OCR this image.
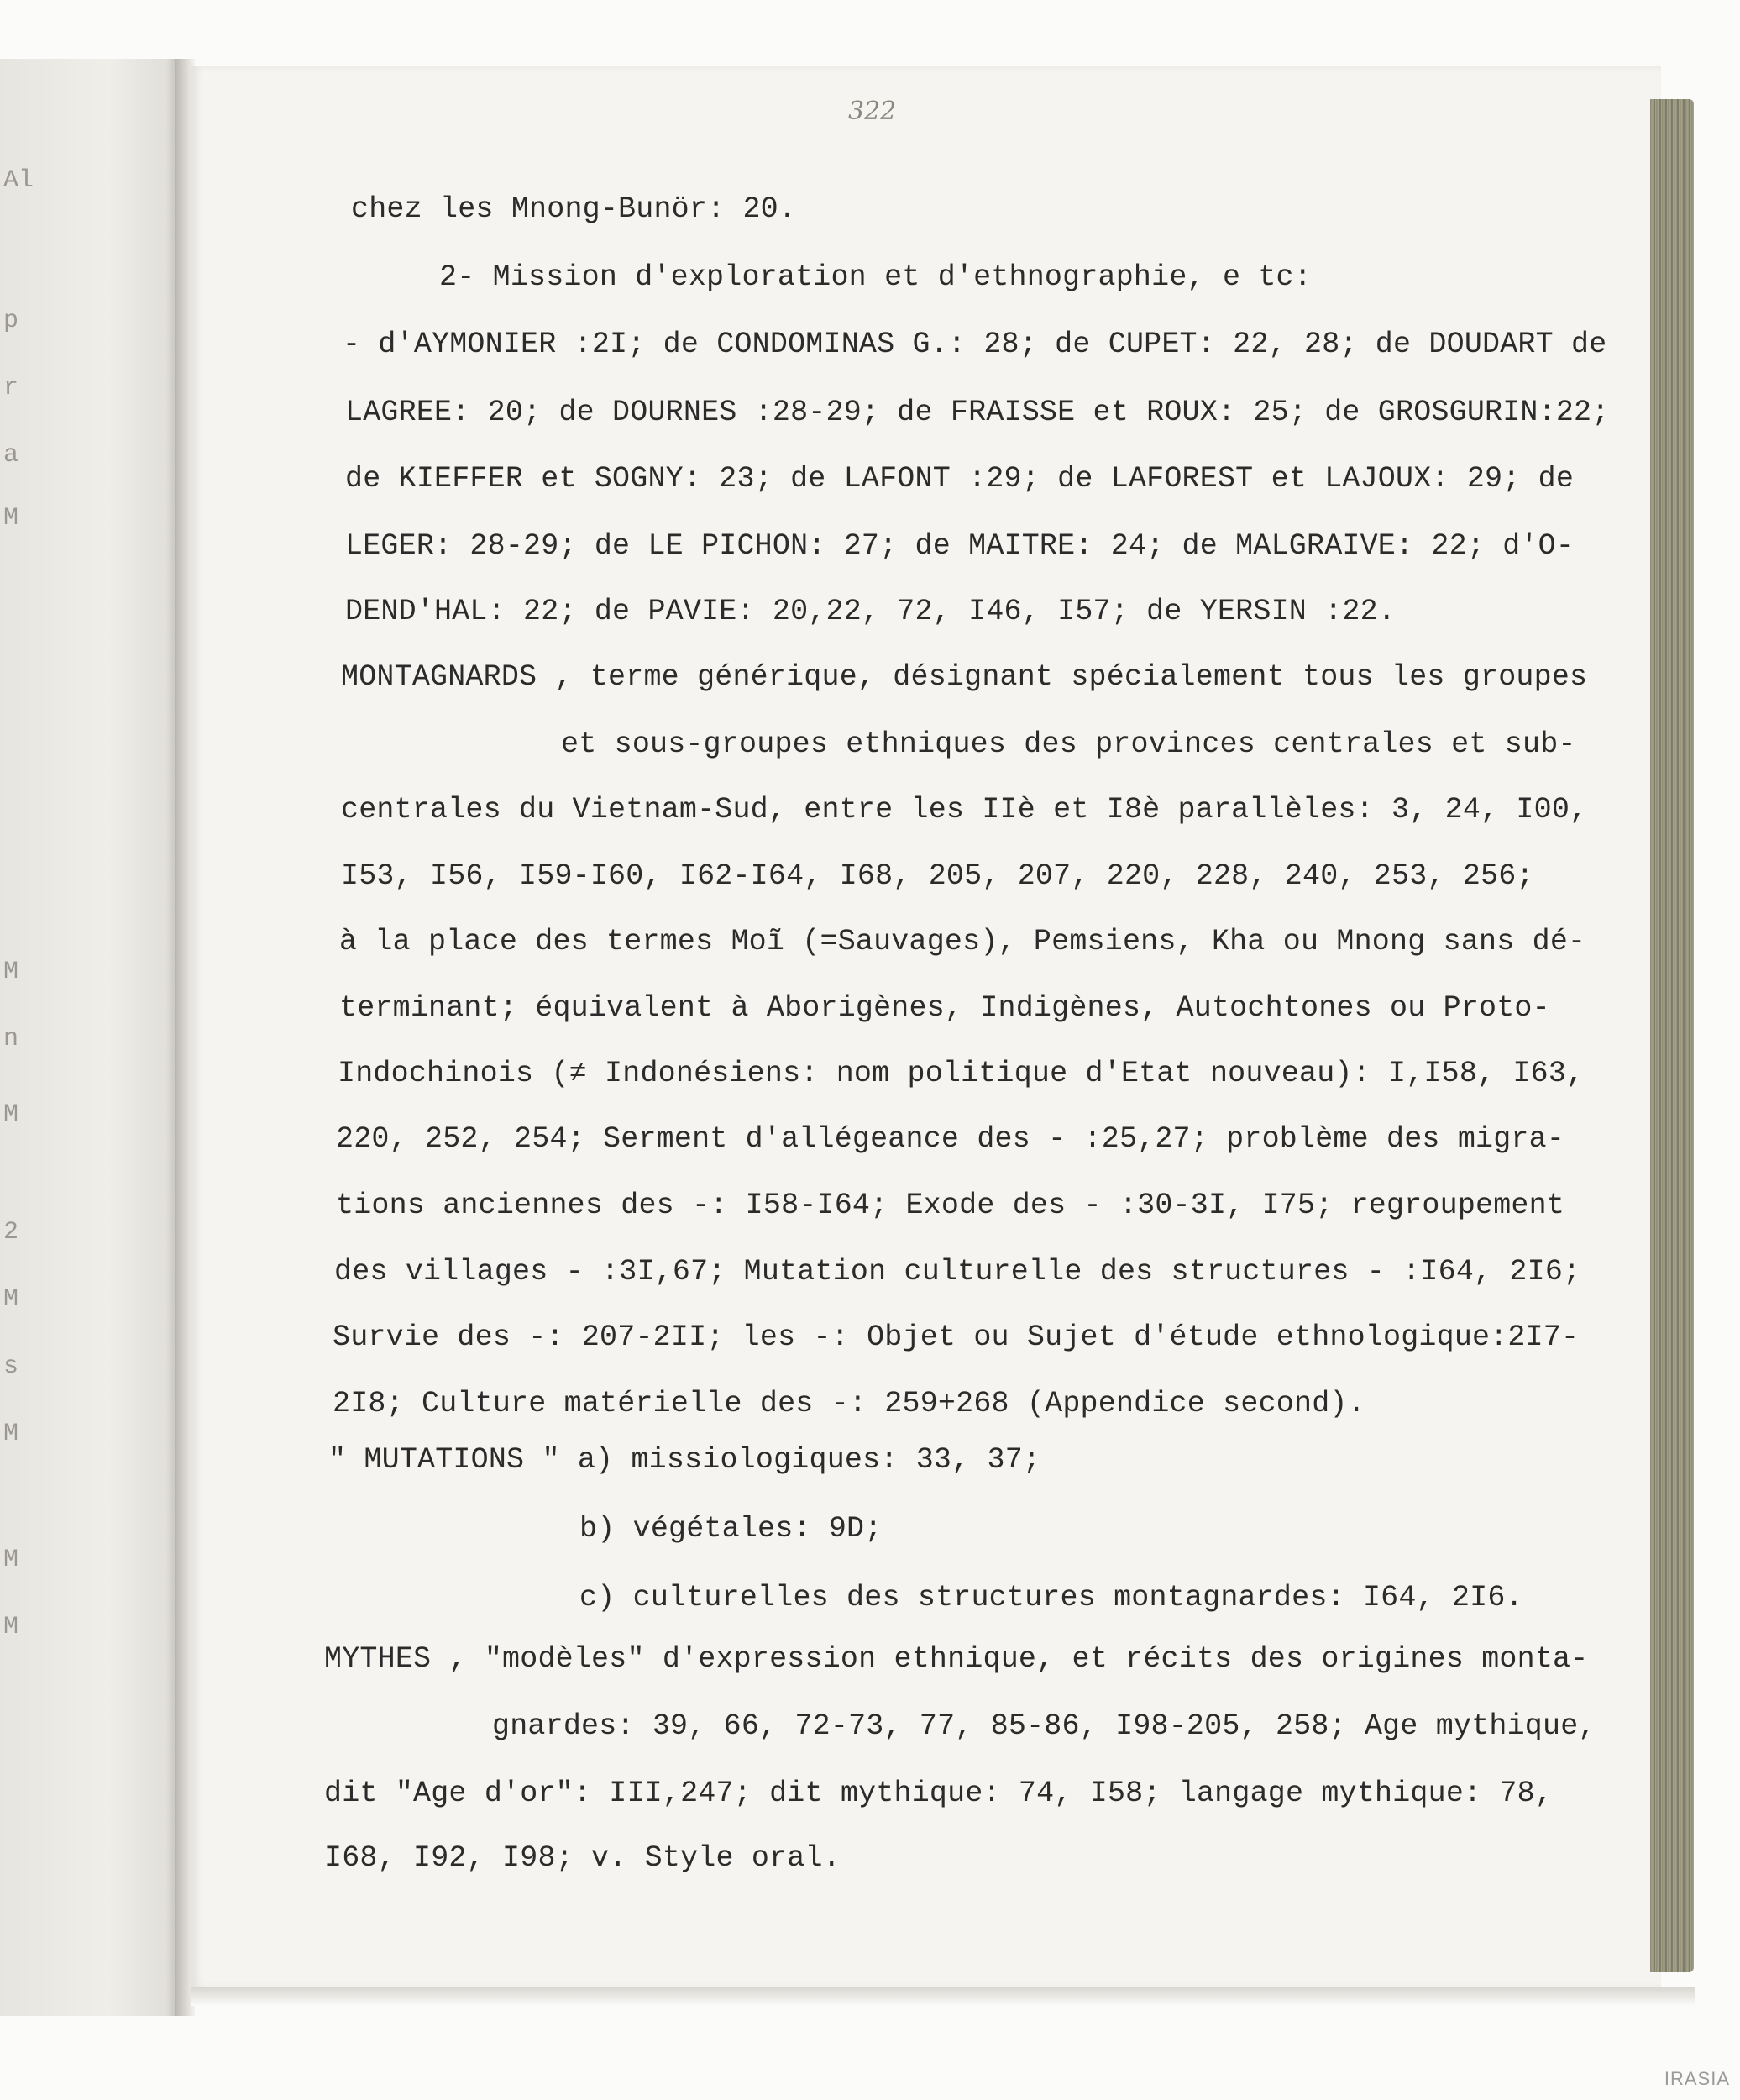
Al
p
r
a
M
M
n
M
2
M
s
M
M
M
322
chez les Mnong-Bunör: 20.
2- Mission d'exploration et d'ethnographie, e tc:
- d'AYMONIER :2I; de CONDOMINAS G.: 28; de CUPET: 22, 28; de DOUDART de
LAGREE: 20; de DOURNES :28-29; de FRAISSE et ROUX: 25; de GROSGURIN:22;
de KIEFFER et SOGNY: 23; de LAFONT :29; de LAFOREST et LAJOUX: 29; de
LEGER: 28-29; de LE PICHON: 27; de MAITRE: 24; de MALGRAIVE: 22; d'O-
DEND'HAL: 22; de PAVIE: 20,22, 72, I46, I57; de YERSIN :22.
MONTAGNARDS , terme générique, désignant spécialement tous les groupes
et sous-groupes ethniques des provinces centrales et sub-
centrales du Vietnam-Sud, entre les IIè et I8è parallèles: 3, 24, I00,
I53, I56, I59-I60, I62-I64, I68, 205, 207, 220, 228, 240, 253, 256;
à la place des termes Moĩ (=Sauvages), Pemsiens, Kha ou Mnong sans dé-
terminant; équivalent à Aborigènes, Indigènes, Autochtones ou Proto-
Indochinois (≠ Indonésiens: nom politique d'Etat nouveau): I,I58, I63,
220, 252, 254; Serment d'allégeance des - :25,27; problème des migra-
tions anciennes des -: I58-I64; Exode des - :30-3I, I75; regroupement
des villages - :3I,67; Mutation culturelle des structures - :I64, 2I6;
Survie des -: 207-2II; les -: Objet ou Sujet d'étude ethnologique:2I7-
2I8; Culture matérielle des -: 259+268 (Appendice second).
" MUTATIONS " a) missiologiques: 33, 37;
b) végétales: 9D;
c) culturelles des structures montagnardes: I64, 2I6.
MYTHES , "modèles" d'expression ethnique, et récits des origines monta-
gnardes: 39, 66, 72-73, 77, 85-86, I98-205, 258; Age mythique,
dit "Age d'or": III,247; dit mythique: 74, I58; langage mythique: 78,
I68, I92, I98; v. Style oral.
IRASIA
